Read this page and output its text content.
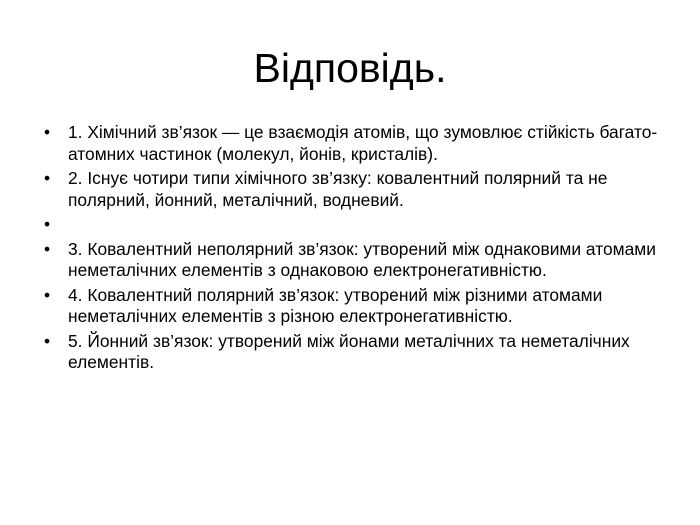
Відповідь.
•	1. Хімічний зв’язок — це взаємодія атомів, що зумовлює стійкість багато-атомних частинок (молекул, йонів, кристалів).
•	2. Існує чотири типи хімічного зв’язку: ковалентний полярний та не полярний, йонний, металічний, водневий.
•
•	3. Ковалентний неполярний зв’язок: утворений між однаковими атомами неметалічних елементів з однаковою електронегативністю.
•	4. Ковалентний полярний зв’язок: утворений між різними атомами неметалічних елементів з різною електронегативністю.
•	5. Йонний зв’язок: утворений між йонами металічних та неметалічних елементів.
